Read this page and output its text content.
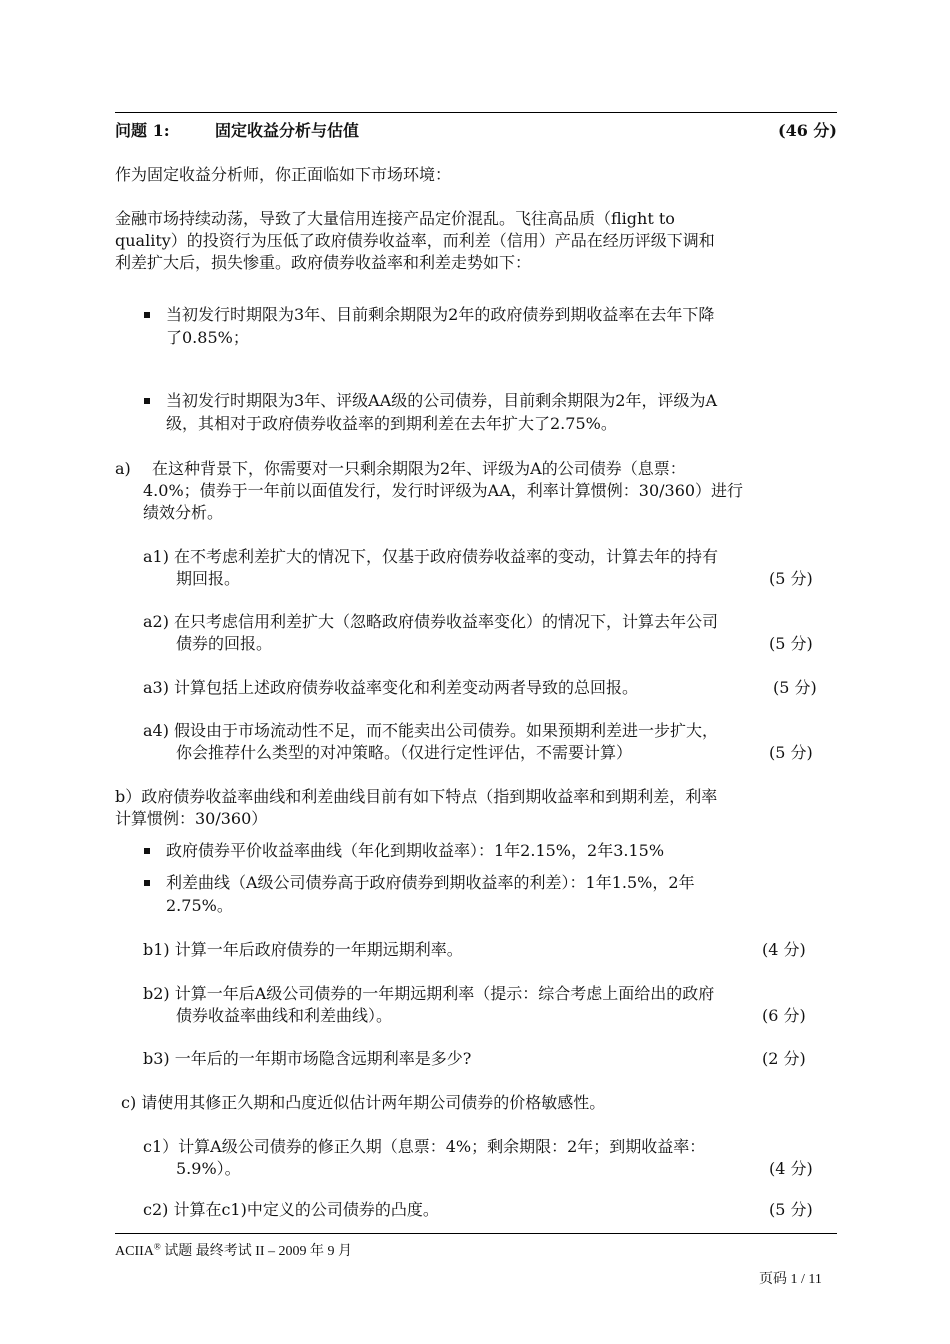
问题 1:	固定收益分析与估值	(46 分)
作为固定收益分析师，你正面临如下市场环境：
金融市场持续动荡，导致了大量信用连接产品定价混乱。飞往高品质（flight to
quality）的投资行为压低了政府债券收益率，而利差（信用）产品在经历评级下调和
利差扩大后，损失惨重。政府债券收益率和利差走势如下：
当初发行时期限为3年、目前剩余期限为2年的政府债券到期收益率在去年下降
了0.85%；
当初发行时期限为3年、评级AA级的公司债券，目前剩余期限为2年，评级为A
级，其相对于政府债券收益率的到期利差在去年扩大了2.75%。
a) 在这种背景下，你需要对一只剩余期限为2年、评级为A的公司债券（息票：
4.0%；债券于一年前以面值发行，发行时评级为AA，利率计算惯例：30/360）进行
绩效分析。
a1) 在不考虑利差扩大的情况下，仅基于政府债券收益率的变动，计算去年的持有
期回报。	(5 分)
a2) 在只考虑信用利差扩大（忽略政府债券收益率变化）的情况下，计算去年公司
债券的回报。	(5 分)
a3) 计算包括上述政府债券收益率变化和利差变动两者导致的总回报。	(5 分)
a4) 假设由于市场流动性不足，而不能卖出公司债券。如果预期利差进一步扩大，
你会推荐什么类型的对冲策略。（仅进行定性评估，不需要计算）	(5 分)
b）政府债券收益率曲线和利差曲线目前有如下特点（指到期收益率和到期利差，利率
计算惯例：30/360）
政府债券平价收益率曲线（年化到期收益率）：1年2.15%，2年3.15%
利差曲线（A级公司债券高于政府债券到期收益率的利差）：1年1.5%，2年
2.75%。
b1) 计算一年后政府债券的一年期远期利率。	(4 分)
b2) 计算一年后A级公司债券的一年期远期利率（提示：综合考虑上面给出的政府
债券收益率曲线和利差曲线）。	(6 分)
b3) 一年后的一年期市场隐含远期利率是多少?	(2 分)
c) 请使用其修正久期和凸度近似估计两年期公司债券的价格敏感性。
c1）计算A级公司债券的修正久期（息票：4%；剩余期限：2年；到期收益率：
5.9%）。	(4 分)
c2) 计算在c1)中定义的公司债券的凸度。	(5 分)
ACIIA® 试题 最终考试 II – 2009 年 9 月
页码 1 / 11
